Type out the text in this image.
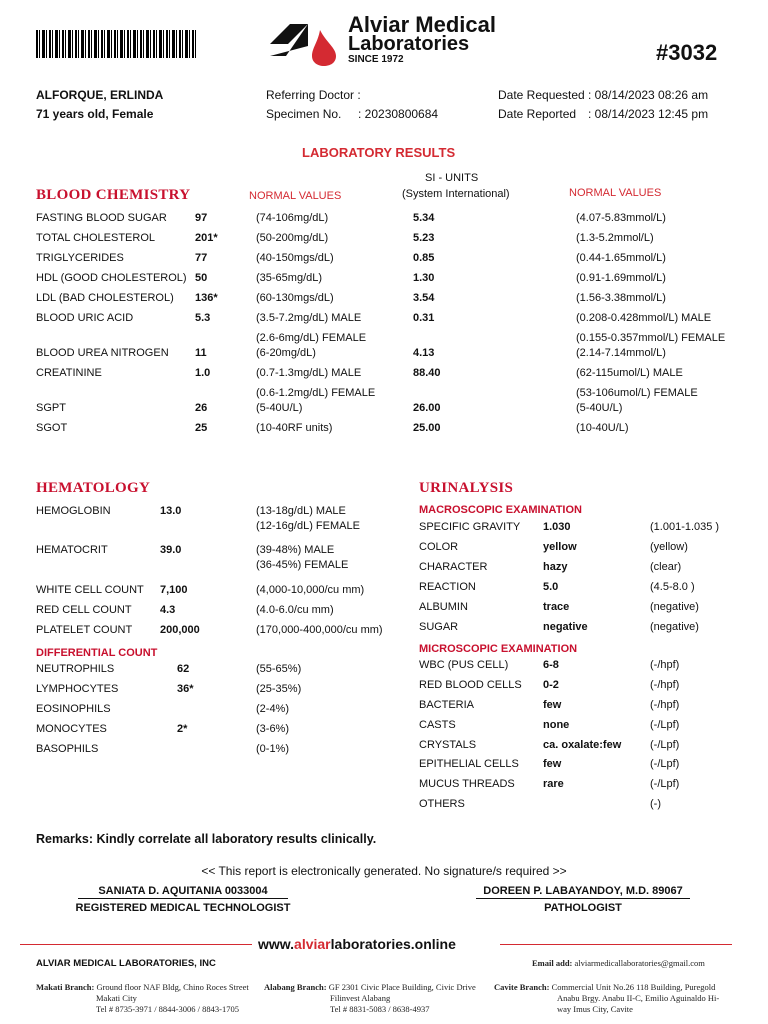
Alviar Medical
Laboratories
SINCE 1972	#3032
ALFORQUE, ERLINDA
71 years old, Female
Referring Doctor :
Specimen No. : 20230800684
Date Requested : 08/14/2023 08:26 am
Date Reported : 08/14/2023 12:45 pm
LABORATORY RESULTS
BLOOD CHEMISTRY	NORMAL VALUES
SI - UNITS
(System International)	NORMAL VALUES
FASTING BLOOD SUGAR	97	(74-106mg/dL)	5.34	(4.07-5.83mmol/L)
TOTAL CHOLESTEROL	201*	(50-200mg/dL)	5.23	(1.3-5.2mmol/L)
TRIGLYCERIDES	77	(40-150mgs/dL)	0.85	(0.44-1.65mmol/L)
HDL (GOOD CHOLESTEROL) 50	(35-65mg/dL)	1.30	(0.91-1.69mmol/L)
LDL (BAD CHOLESTEROL) 136*	(60-130mgs/dL)	3.54	(1.56-3.38mmol/L)
BLOOD URIC ACID	5.3	(3.5-7.2mg/dL) MALE	0.31	(0.208-0.428mmol/L) MALE
(2.6-6mg/dL) FEMALE	(0.155-0.357mmol/L) FEMALE
BLOOD UREA NITROGEN 11	(6-20mg/dL)	4.13	(2.14-7.14mmol/L)
CREATININE	1.0	(0.7-1.3mg/dL) MALE	88.40	(62-115umol/L) MALE
(0.6-1.2mg/dL) FEMALE	(53-106umol/L) FEMALE
SGPT	26	(5-40U/L)	26.00	(5-40U/L)
SGOT	25	(10-40RF units)	25.00	(10-40U/L)
HEMATOLOGY
HEMOGLOBIN	13.0	(13-18g/dL) MALE
(12-16g/dL) FEMALE
HEMATOCRIT	39.0	(39-48%) MALE
(36-45%) FEMALE
WHITE CELL COUNT 7,100	(4,000-10,000/cu mm)
RED CELL COUNT	4.3	(4.0-6.0/cu mm)
PLATELET COUNT	200,000	(170,000-400,000/cu mm)
DIFFERENTIAL COUNT
NEUTROPHILS	62	(55-65%)
LYMPHOCYTES	36*	(25-35%)
EOSINOPHILS	(2-4%)
MONOCYTES	2*	(3-6%)
BASOPHILS	(0-1%)
URINALYSIS
MACROSCOPIC EXAMINATION
SPECIFIC GRAVITY 1.030	(1.001-1.035 )
COLOR	yellow	(yellow)
CHARACTER	hazy	(clear)
REACTION	5.0	(4.5-8.0 )
ALBUMIN	trace	(negative)
SUGAR	negative	(negative)
MICROSCOPIC EXAMINATION
WBC (PUS CELL)	6-8	(-/hpf)
RED BLOOD CELLS 0-2	(-/hpf)
BACTERIA	few	(-/hpf)
CASTS	none	(-/Lpf)
CRYSTALS	ca. oxalate:few	(-/Lpf)
EPITHELIAL CELLS few	(-/Lpf)
MUCUS THREADS	rare	(-/Lpf)
OTHERS	(-)
Remarks: Kindly correlate all laboratory results clinically.
<< This report is electronically generated. No signature/s required >>
SANIATA D. AQUITANIA 0033004
REGISTERED MEDICAL TECHNOLOGIST
DOREEN P. LABAYANDOY, M.D. 89067
PATHOLOGIST
www.alviarlaboratories.online
ALVIAR MEDICAL LABORATORIES, INC	Email add: alviarmedicallaboratories@gmail.com
Makati Branch: Ground floor NAF Bldg, Chino Roces Street
Makati City
Tel # 8735-3971 / 8844-3006 / 8843-1705
Alabang Branch: GF 2301 Civic Place Building, Civic Drive
Filinvest Alabang
Tel # 8831-5083 / 8638-4937
Cavite Branch: Commercial Unit No.26 118 Building, Puregold
Anabu Brgy. Anabu II-C, Emilio Aguinaldo Hi-
way Imus City, Cavite
